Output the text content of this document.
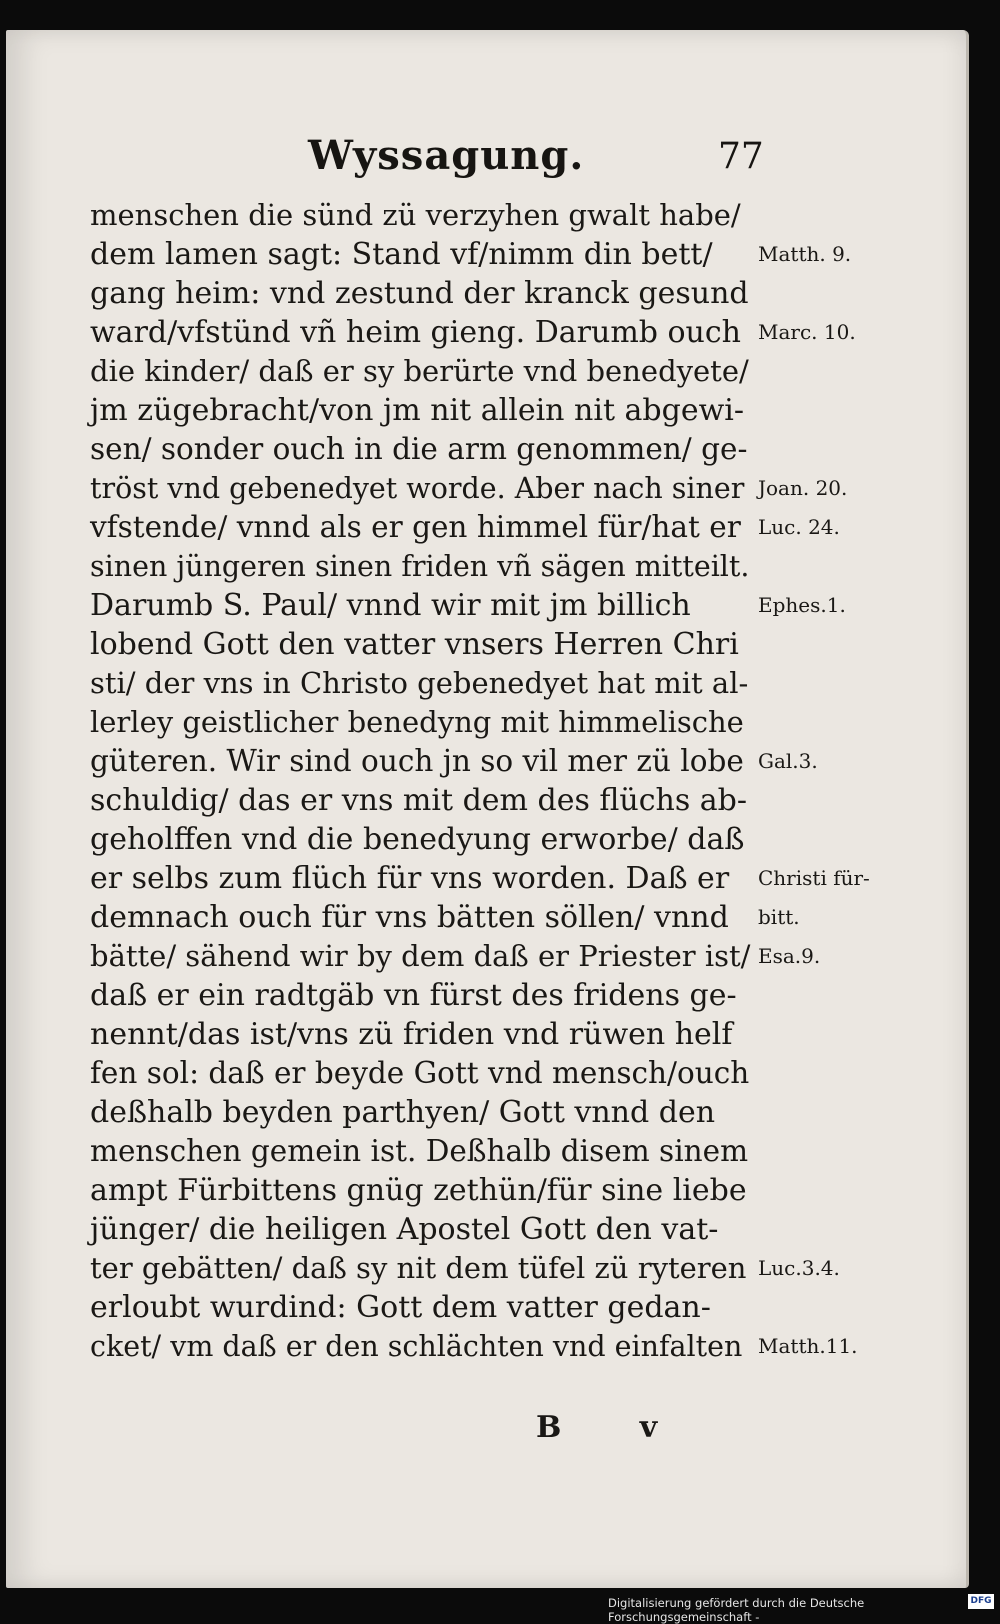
Wyssagung.	77
menschen die sünd zü verzyhen gwalt habe/
dem lamen sagt: Stand vf/nimm din bett/
gang heim: vnd zestund der kranck gesund
ward/vfstünd vñ heim gieng. Darumb ouch
die kinder/ daß er sy berürte vnd benedyete/
jm zügebracht/von jm nit allein nit abgewi-
sen/ sonder ouch in die arm genommen/ ge-
tröst vnd gebenedyet worde. Aber nach siner
vfstende/ vnnd als er gen himmel für/hat er
sinen jüngeren sinen friden vñ sägen mitteilt.
Darumb S. Paul/ vnnd wir mit jm billich
lobend Gott den vatter vnsers Herren Chri
sti/ der vns in Christo gebenedyet hat mit al-
lerley geistlicher benedyng mit himmelische
güteren. Wir sind ouch jn so vil mer zü lobe
schuldig/ das er vns mit dem des flüchs ab-
geholffen vnd die benedyung erworbe/ daß
er selbs zum flüch für vns worden. Daß er
demnach ouch für vns bätten söllen/ vnnd
bätte/ sähend wir by dem daß er Priester ist/
daß er ein radtgäb vn fürst des fridens ge-
nennt/das ist/vns zü friden vnd rüwen helf
fen sol: daß er beyde Gott vnd mensch/ouch
deßhalb beyden parthyen/ Gott vnnd den
menschen gemein ist. Deßhalb disem sinem
ampt Fürbittens gnüg zethün/für sine liebe
jünger/ die heiligen Apostel Gott den vat-
ter gebätten/ daß sy nit dem tüfel zü ryteren
erloubt wurdind: Gott dem vatter gedan-
cket/ vm daß er den schlächten vnd einfalten
Matth. 9.
Marc. 10.
Joan. 20.
Luc. 24.
Ephes.1.
Gal.3.
Christi für-
bitt.
Esa.9.
Luc.3.4.
Matth.11.
B v
Digitalisierung gefördert durch die Deutsche Forschungsgemeinschaft -
DFG
